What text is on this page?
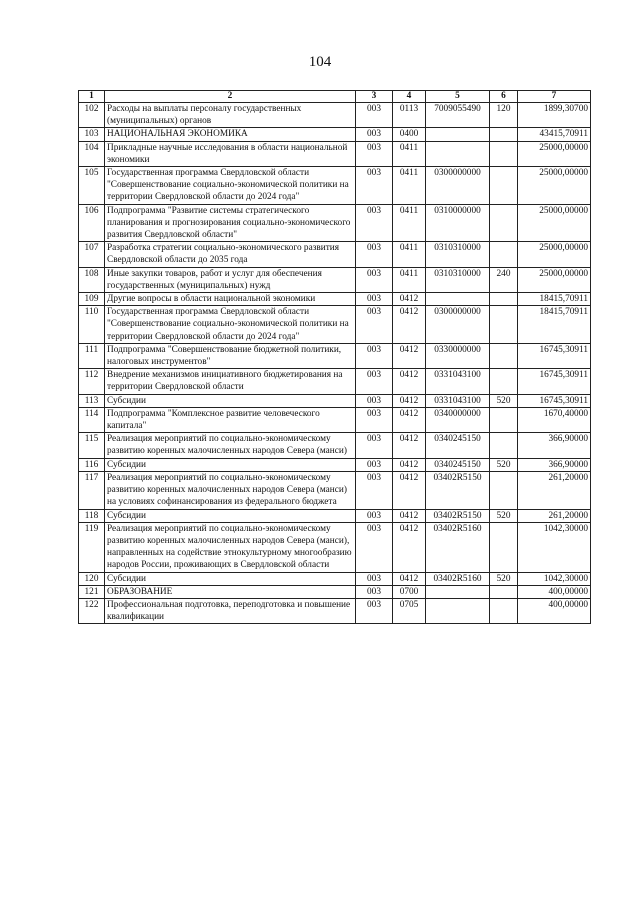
104
1	2	3	4	5	6	7
102	Расходы на выплаты персоналу государственных (муниципальных) органов	003	0113	7009055490	120	1899,30700
103	НАЦИОНАЛЬНАЯ ЭКОНОМИКА	003	0400			43415,70911
104	Прикладные научные исследования в области национальной экономики	003	0411			25000,00000
105	Государственная программа Свердловской области "Совершенствование социально-экономической политики на территории Свердловской области до 2024 года"	003	0411	0300000000		25000,00000
106	Подпрограмма "Развитие системы стратегического планирования и прогнозирования социально-экономического развития Свердловской области"	003	0411	0310000000		25000,00000
107	Разработка стратегии социально-экономического развития Свердловской области до 2035 года	003	0411	0310310000		25000,00000
108	Иные закупки товаров, работ и услуг для обеспечения государственных (муниципальных) нужд	003	0411	0310310000	240	25000,00000
109	Другие вопросы в области национальной экономики	003	0412			18415,70911
110	Государственная программа Свердловской области "Совершенствование социально-экономической политики на территории Свердловской области до 2024 года"	003	0412	0300000000		18415,70911
111	Подпрограмма "Совершенствование бюджетной политики, налоговых инструментов"	003	0412	0330000000		16745,30911
112	Внедрение механизмов инициативного бюджетирования на территории Свердловской области	003	0412	0331043100		16745,30911
113	Субсидии	003	0412	0331043100	520	16745,30911
114	Подпрограмма "Комплексное развитие человеческого капитала"	003	0412	0340000000		1670,40000
115	Реализация мероприятий по социально-экономическому развитию коренных малочисленных народов Севера (манси)	003	0412	0340245150		366,90000
116	Субсидии	003	0412	0340245150	520	366,90000
117	Реализация мероприятий по социально-экономическому развитию коренных малочисленных народов Севера (манси) на условиях софинансирования из федерального бюджета	003	0412	03402R5150		261,20000
118	Субсидии	003	0412	03402R5150	520	261,20000
119	Реализация мероприятий по социально-экономическому развитию коренных малочисленных народов Севера (манси), направленных на содействие этнокультурному многообразию народов России, проживающих в Свердловской области	003	0412	03402R5160		1042,30000
120	Субсидии	003	0412	03402R5160	520	1042,30000
121	ОБРАЗОВАНИЕ	003	0700			400,00000
122	Профессиональная подготовка, переподготовка и повышение квалификации	003	0705			400,00000
